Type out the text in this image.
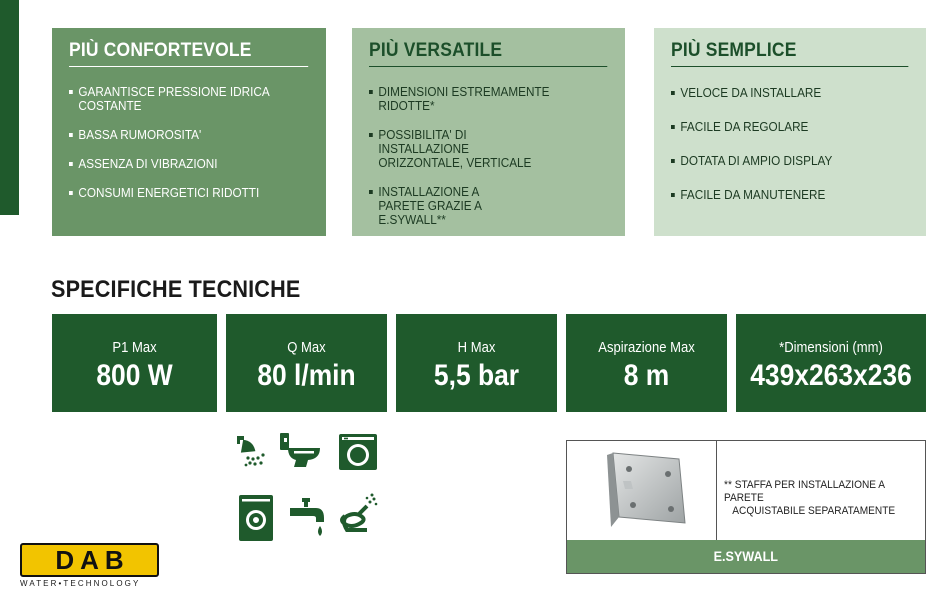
PIÙ CONFORTEVOLE
GARANTISCE PRESSIONE IDRICA COSTANTE
BASSA RUMOROSITA'
ASSENZA DI VIBRAZIONI
CONSUMI ENERGETICI RIDOTTI
PIÙ VERSATILE
DIMENSIONI ESTREMAMENTE RIDOTTE*
POSSIBILITA' DI INSTALLAZIONE ORIZZONTALE, VERTICALE
INSTALLAZIONE A PARETE GRAZIE A E.SYWALL**
PIÙ SEMPLICE
VELOCE DA INSTALLARE
FACILE DA REGOLARE
DOTATA DI AMPIO DISPLAY
FACILE DA MANUTENERE
SPECIFICHE TECNICHE
P1 Max
800 W
Q Max
80 l/min
H Max
5,5 bar
Aspirazione Max
8 m
*Dimensioni (mm)
439x263x236
** STAFFA PER INSTALLAZIONE A PARETE
ACQUISTABILE SEPARATAMENTE
E.SYWALL
DAB
WATER•TECHNOLOGY
